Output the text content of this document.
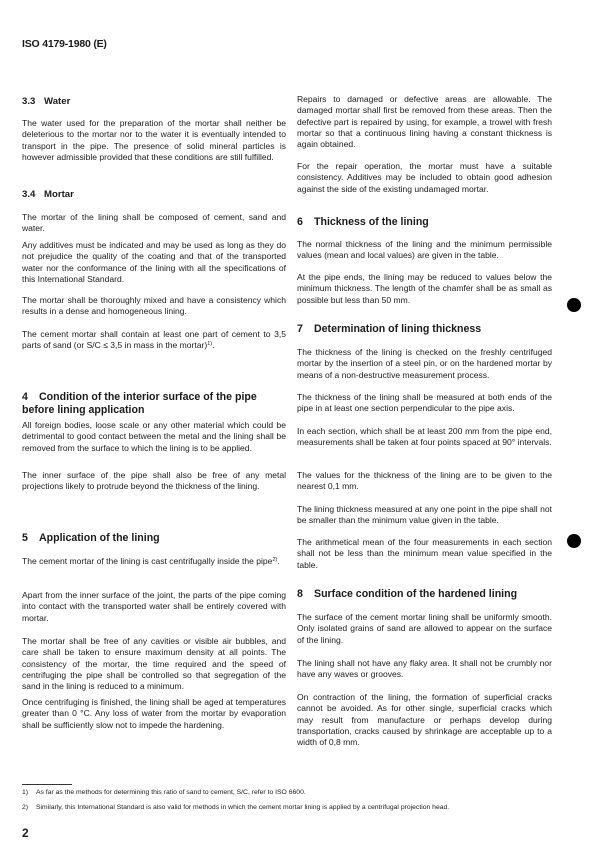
ISO 4179-1980 (E)
3.3 Water

The water used for the preparation of the mortar shall neither be deleterious to the mortar nor to the water it is eventually intended to transport in the pipe. The presence of solid mineral particles is however admissible provided that these conditions are still fulfilled.

3.4 Mortar

The mortar of the lining shall be composed of cement, sand and water.

Any additives must be indicated and may be used as long as they do not prejudice the quality of the coating and that of the transported water nor the conformance of the lining with all the specifications of this International Standard.

The mortar shall be thoroughly mixed and have a consistency which results in a dense and homogeneous lining.

The cement mortar shall contain at least one part of cement to 3,5 parts of sand (or S/C ≤ 3,5 in mass in the mortar)$^{1)}$.

4 Condition of the interior surface of the pipe before lining application

All foreign bodies, loose scale or any other material which could be detrimental to good contact between the metal and the lining shall be removed from the surface to which the lining is to be applied.

The inner surface of the pipe shall also be free of any metal projections likely to protrude beyond the thickness of the lining.

5 Application of the lining

The cement mortar of the lining is cast centrifugally inside the pipe$^{2)}$.

Apart from the inner surface of the joint, the parts of the pipe coming into contact with the transported water shall be entirely covered with mortar.

The mortar shall be free of any cavities or visible air bubbles, and care shall be taken to ensure maximum density at all points. The consistency of the mortar, the time required and the speed of centrifuging the pipe shall be controlled so that segregation of the sand in the lining is reduced to a minimum.

Once centrifuging is finished, the lining shall be aged at temperatures greater than 0 °C. Any loss of water from the mortar by evaporation shall be sufficiently slow not to impede the hardening.

Repairs to damaged or defective areas are allowable. The damaged mortar shall first be removed from these areas. Then the defective part is repaired by using, for example, a trowel with fresh mortar so that a continuous lining having a constant thickness is again obtained.

For the repair operation, the mortar must have a suitable consistency. Additives may be included to obtain good adhesion against the side of the existing undamaged mortar.

6 Thickness of the lining

The normal thickness of the lining and the minimum permissible values (mean and local values) are given in the table.

At the pipe ends, the lining may be reduced to values below the minimum thickness. The length of the chamfer shall be as small as possible but less than 50 mm.

7 Determination of lining thickness

The thickness of the lining is checked on the freshly centrifuged mortar by the insertion of a steel pin, or on the hardened mortar by means of a non-destructive measurement process.

The thickness of the lining shall be measured at both ends of the pipe in at least one section perpendicular to the pipe axis.

In each section, which shall be at least 200 mm from the pipe end, measurements shall be taken at four points spaced at 90° intervals.

The values for the thickness of the lining are to be given to the nearest 0,1 mm.

The lining thickness measured at any one point in the pipe shall not be smaller than the minimum value given in the table.

The arithmetical mean of the four measurements in each section shall not be less than the minimum mean value specified in the table.

8 Surface condition of the hardened lining

The surface of the cement mortar lining shall be uniformly smooth. Only isolated grains of sand are allowed to appear on the surface of the lining.

The lining shall not have any flaky area. It shall not be crumbly nor have any waves or grooves.

On contraction of the lining, the formation of superficial cracks cannot be avoided. As for other single, superficial cracks which may result from manufacture or perhaps develop during transportation, cracks caused by shrinkage are acceptable up to a width of 0,8 mm.

1) As far as the methods for determining this ratio of sand to cement, S/C, refer to ISO 6600.
2) Similarly, this International Standard is also valid for methods in which the cement mortar lining is applied by a centrifugal projection head.
2
